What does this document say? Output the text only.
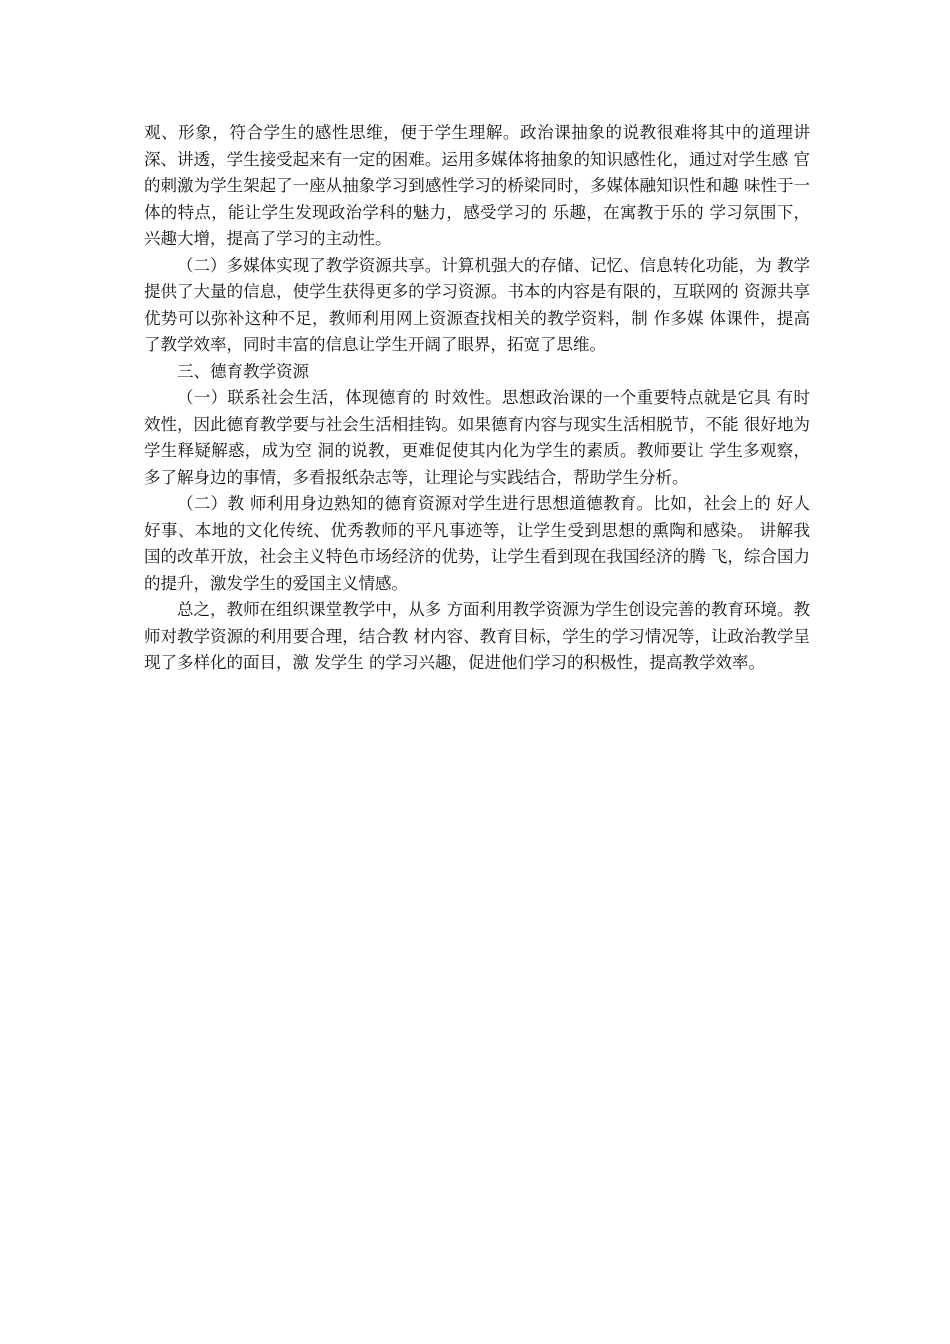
观、形象，符合学生的感性思维，便于学生理解。政治课抽象的说教很难将其中的道理讲深、讲透，学生接受起来有一定的困难。运用多媒体将抽象的知识感性化，通过对学生感 官的刺激为学生架起了一座从抽象学习到感性学习的桥梁同时，多媒体融知识性和趣 味性于一体的特点，能让学生发现政治学科的魅力，感受学习的 乐趣，在寓教于乐的 学习氛围下，兴趣大增，提高了学习的主动性。

（二）多媒体实现了教学资源共享。计算机强大的存储、记忆、信息转化功能，为 教学提供了大量的信息，使学生获得更多的学习资源。书本的内容是有限的，互联网的 资源共享优势可以弥补这种不足，教师利用网上资源查找相关的教学资料，制 作多媒 体课件，提高了教学效率，同时丰富的信息让学生开阔了眼界，拓宽了思维。

三、德育教学资源

（一）联系社会生活，体现德育的 时效性。思想政治课的一个重要特点就是它具 有时效性，因此德育教学要与社会生活相挂钩。如果德育内容与现实生活相脱节，不能 很好地为学生释疑解惑，成为空 洞的说教，更难促使其内化为学生的素质。教师要让 学生多观察，多了解身边的事情，多看报纸杂志等，让理论与实践结合，帮助学生分析。

（二）教 师利用身边熟知的德育资源对学生进行思想道德教育。比如，社会上的 好人好事、本地的文化传统、优秀教师的平凡事迹等，让学生受到思想的熏陶和感染。 讲解我 国的改革开放，社会主义特色市场经济的优势，让学生看到现在我国经济的腾 飞，综合国力的提升，激发学生的爱国主义情感。

总之，教师在组织课堂教学中，从多 方面利用教学资源为学生创设完善的教育环境。教师对教学资源的利用要合理，结合教 材内容、教育目标，学生的学习情况等，让政治教学呈现了多样化的面目，激 发学生 的学习兴趣，促进他们学习的积极性，提高教学效率。
